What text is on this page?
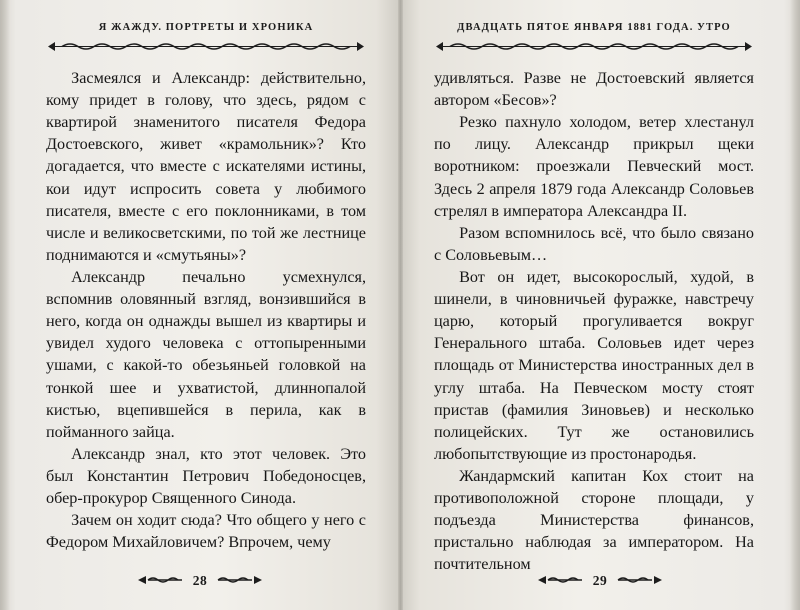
Я ЖАЖДУ. ПОРТРЕТЫ И ХРОНИКА

Засмеялся и Александр: действительно, кому придет в голову, что здесь, рядом с квартирой знаменитого писателя Федора Достоевского, живет «крамольник»? Кто догадается, что вместе с искателями истины, кои идут испросить совета у любимого писателя, вместе с его поклонниками, в том числе и великосветскими, по той же лестнице поднимаются и «смутьяны»?

Александр печально усмехнулся, вспомнив оловянный взгляд, вонзившийся в него, когда он однажды вышел из квартиры и увидел худого человека с оттопыренными ушами, с какой-то обезьяньей головкой на тонкой шее и ухватистой, длиннопалой кистью, вцепившейся в перила, как в пойманного зайца.

Александр знал, кто этот человек. Это был Константин Петрович Победоносцев, обер-прокурор Священного Синода.

Зачем он ходит сюда? Что общего у него с Федором Михайловичем? Впрочем, чему

28
ДВАДЦАТЬ ПЯТОЕ ЯНВАРЯ 1881 ГОДА. УТРО

удивляться. Разве не Достоевский является автором «Бесов»?

Резко пахнуло холодом, ветер хлестанул по лицу. Александр прикрыл щеки воротником: проезжали Певческий мост. Здесь 2 апреля 1879 года Александр Соловьев стрелял в императора Александра II.

Разом вспомнилось всё, что было связано с Соловьевым…

Вот он идет, высокорослый, худой, в шинели, в чиновничьей фуражке, навстречу царю, который прогуливается вокруг Генерального штаба. Соловьев идет через площадь от Министерства иностранных дел в углу штаба. На Певческом мосту стоят пристав (фамилия Зиновьев) и несколько полицейских. Тут же остановились любопытствующие из простонародья.

Жандармский капитан Кох стоит на противоположной стороне площади, у подъезда Министерства финансов, пристально наблюдая за императором. На почтительном

29
